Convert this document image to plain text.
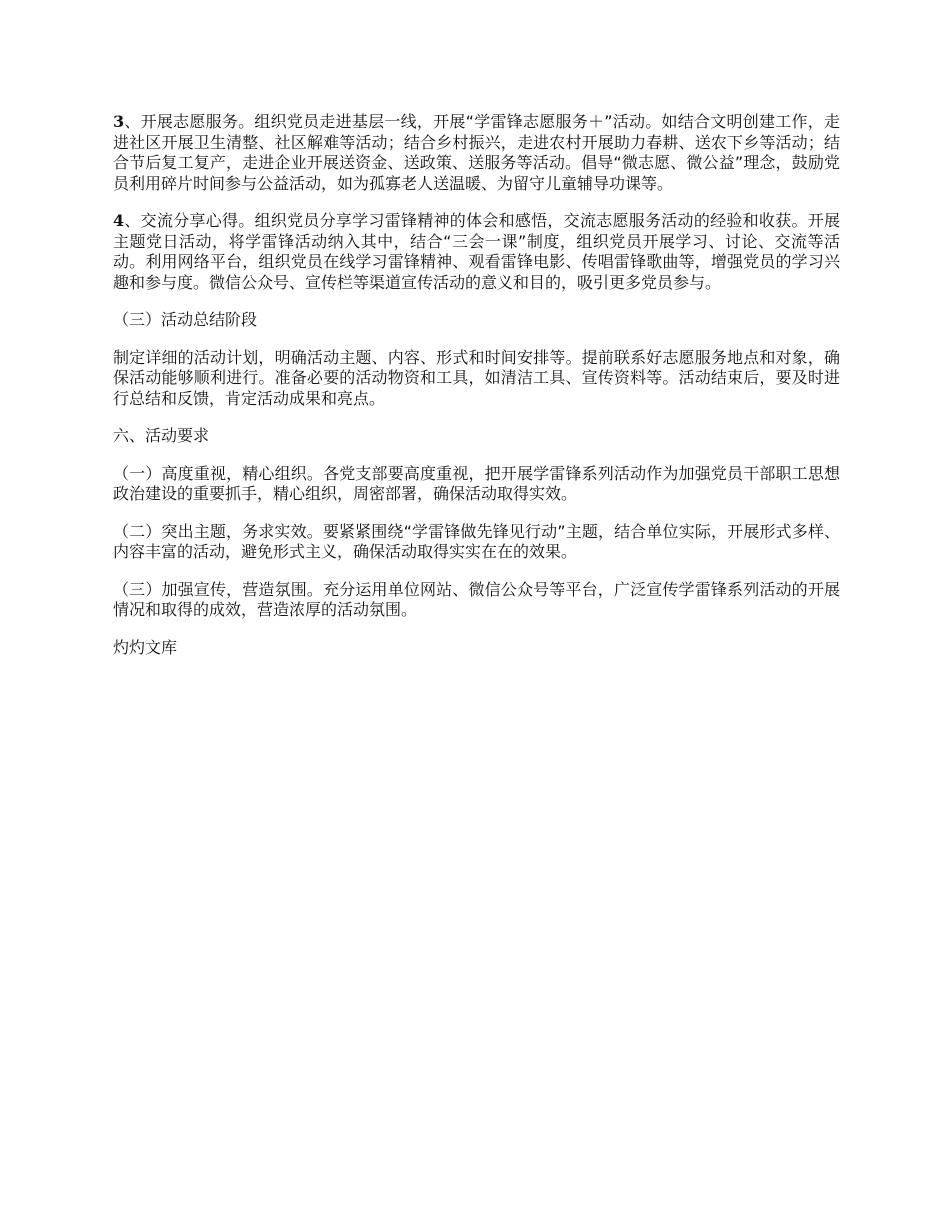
3、开展志愿服务。组织党员走进基层一线，开展“学雷锋志愿服务＋”活动。如结合文明创建工作，走进社区开展卫生清整、社区解难等活动；结合乡村振兴，走进农村开展助力春耕、送农下乡等活动；结合节后复工复产，走进企业开展送资金、送政策、送服务等活动。倡导“微志愿、微公益”理念，鼓励党员利用碎片时间参与公益活动，如为孤寡老人送温暖、为留守儿童辅导功课等。

4、交流分享心得。组织党员分享学习雷锋精神的体会和感悟，交流志愿服务活动的经验和收获。开展主题党日活动，将学雷锋活动纳入其中，结合“三会一课”制度，组织党员开展学习、讨论、交流等活动。利用网络平台，组织党员在线学习雷锋精神、观看雷锋电影、传唱雷锋歌曲等，增强党员的学习兴趣和参与度。微信公众号、宣传栏等渠道宣传活动的意义和目的，吸引更多党员参与。

（三）活动总结阶段

制定详细的活动计划，明确活动主题、内容、形式和时间安排等。提前联系好志愿服务地点和对象，确保活动能够顺利进行。准备必要的活动物资和工具，如清洁工具、宣传资料等。活动结束后，要及时进行总结和反馈，肯定活动成果和亮点。

六、活动要求

（一）高度重视，精心组织。各党支部要高度重视，把开展学雷锋系列活动作为加强党员干部职工思想政治建设的重要抓手，精心组织，周密部署，确保活动取得实效。

（二）突出主题，务求实效。要紧紧围绕“学雷锋做先锋见行动”主题，结合单位实际，开展形式多样、内容丰富的活动，避免形式主义，确保活动取得实实在在的效果。

（三）加强宣传，营造氛围。充分运用单位网站、微信公众号等平台，广泛宣传学雷锋系列活动的开展情况和取得的成效，营造浓厚的活动氛围。

灼灼文库
